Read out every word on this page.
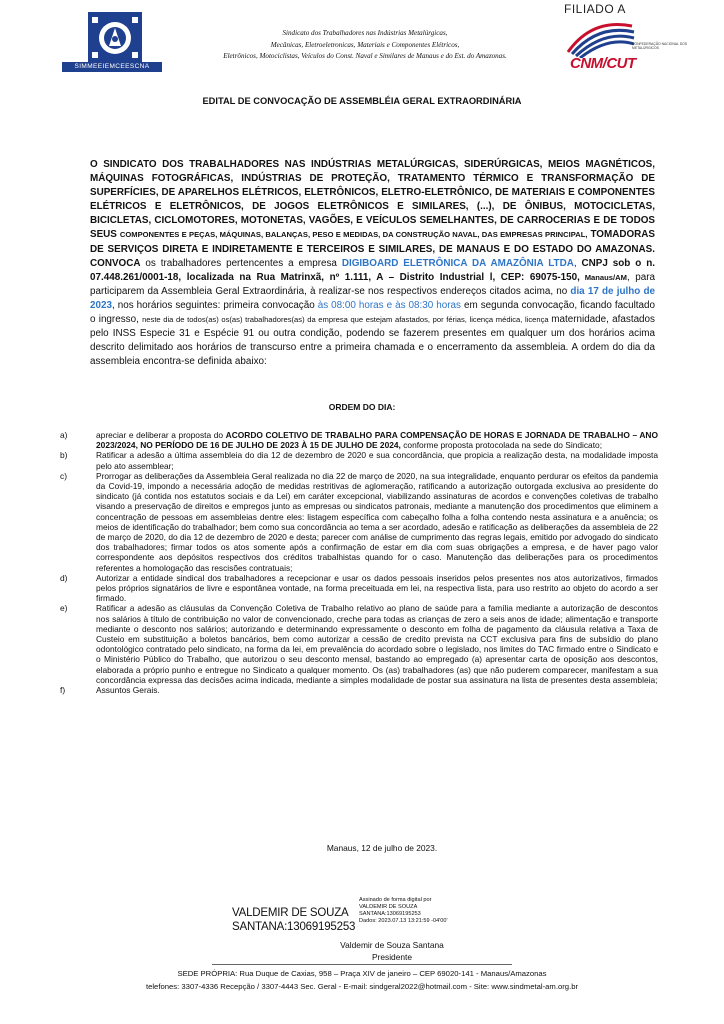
SIMMEEIEMCEESCNA
Sindicato dos Trabalhadores nas Indústrias Metalúrgicas,
Mecânicas, Eletroeletronicas, Materiais e Componentes Elétricos,
Eletrônicos, Motociclistas, Veículos do Const. Naval e Similares de Manaus e do Est. do Amazonas.
FILIADO A
CONFEDERAÇÃO NACIONAL DOS METALÚRGICOS
CNM/CUT
EDITAL DE CONVOCAÇÃO DE ASSEMBLÉIA GERAL EXTRAORDINÁRIA
O SINDICATO DOS TRABALHADORES NAS INDÚSTRIAS METALÚRGICAS, SIDERÚRGICAS, MEIOS MAGNÉTICOS, MÁQUINAS FOTOGRÁFICAS, INDÚSTRIAS DE PROTEÇÃO, TRATAMENTO TÉRMICO E TRANSFORMAÇÃO DE SUPERFÍCIES, DE APARELHOS ELÉTRICOS, ELETRÔNICOS, ELETRO-ELETRÔNICO, DE MATERIAIS E COMPONENTES ELÉTRICOS E ELETRÔNICOS, DE JOGOS ELETRÔNICOS E SIMILARES, (...), DE ÔNIBUS, MOTOCICLETAS, BICICLETAS, CICLOMOTORES, MOTONETAS, VAGÕES, E VEÍCULOS SEMELHANTES, DE CARROCERIAS E DE TODOS SEUS COMPONENTES E PEÇAS, MÁQUINAS, BALANÇAS, PESO E MEDIDAS, DA CONSTRUÇÃO NAVAL, DAS EMPRESAS PRINCIPAL, TOMADORAS DE SERVIÇOS DIRETA E INDIRETAMENTE E TERCEIROS E SIMILARES, DE MANAUS E DO ESTADO DO AMAZONAS. CONVOCA os trabalhadores pertencentes a empresa DIGIBOARD ELETRÔNICA DA AMAZÔNIA LTDA, CNPJ sob o n. 07.448.261/0001-18, localizada na Rua Matrinxã, nº 1.111, A – Distrito Industrial l, CEP: 69075-150, Manaus/AM, para participarem da Assembleia Geral Extraordinária, à realizar-se nos respectivos endereços citados acima, no dia 17 de julho de 2023, nos horários seguintes: primeira convocação às 08:00 horas e às 08:30 horas em segunda convocação, ficando facultado o ingresso, neste dia de todos(as) os(as) trabalhadores(as) da empresa que estejam afastados, por férias, licença médica, licença maternidade, afastados pelo INSS Especie 31 e Espécie 91 ou outra condição, podendo se fazerem presentes em qualquer um dos horários acima descrito delimitado aos horários de transcurso entre a primeira chamada e o encerramento da assembleia. A ordem do dia da assembleia encontra-se definida abaixo:
ORDEM DO DIA:
a)	apreciar e deliberar a proposta do ACORDO COLETIVO DE TRABALHO PARA COMPENSAÇÃO DE HORAS E JORNADA DE TRABALHO – ANO 2023/2024, NO PERÍODO DE 16 DE JULHO DE 2023 À 15 DE JULHO DE 2024, conforme proposta protocolada na sede do Sindicato;
b)	Ratificar a adesão a última assembleia do dia 12 de dezembro de 2020 e sua concordância, que propicia a realização desta, na modalidade imposta pelo ato assemblear;
c)	Prorrogar as deliberações da Assembleia Geral realizada no dia 22 de março de 2020, na sua integralidade, enquanto perdurar os efeitos da pandemia da Covid-19, impondo a necessária adoção de medidas restritivas de aglomeração, ratificando a autorização outorgada exclusiva ao presidente do sindicato (já contida nos estatutos sociais e da Lei) em caráter excepcional, viabilizando assinaturas de acordos e convenções coletivas de trabalho visando a preservação de direitos e empregos junto as empresas ou sindicatos patronais, mediante a manutenção dos procedimentos que eliminem a concentração de pessoas em assembleias dentre eles: listagem específica com cabeçalho folha a folha contendo nesta assinatura e a anuência; os meios de identificação do trabalhador; bem como sua concordância ao tema a ser acordado, adesão e ratificação as deliberações da assembleia de 22 de março de 2020, do dia 12 de dezembro de 2020 e desta; parecer com análise de cumprimento das regras legais, emitido por advogado do sindicato dos trabalhadores; firmar todos os atos somente após a confirmação de estar em dia com suas obrigações a empresa, e de haver pago valor correspondente aos depósitos respectivos dos créditos trabalhistas quando for o caso. Manutenção das deliberações para os procedimentos referentes a homologação das rescisões contratuais;
d)	Autorizar a entidade sindical dos trabalhadores a recepcionar e usar os dados pessoais inseridos pelos presentes nos atos autorizativos, firmados pelos próprios signatários de livre e espontânea vontade, na forma preceituada em lei, na respectiva lista, para uso restrito ao objeto do acordo a ser firmado.
e)	Ratificar a adesão as cláusulas da Convenção Coletiva de Trabalho relativo ao plano de saúde para a família mediante a autorização de descontos nos salários à título de contribuição no valor de convencionado, creche para todas as crianças de zero a seis anos de idade; alimentação e transporte mediante o desconto nos salários; autorizando e determinando expressamente o desconto em folha de pagamento da cláusula relativa a Taxa de Custeio em substituição a boletos bancários, bem como autorizar a cessão de credito prevista na CCT exclusiva para fins de subsídio do plano odontológico contratado pelo sindicato, na forma da lei, em prevalência do acordado sobre o legislado, nos limites do TAC firmado entre o Sindicato e o Ministério Público do Trabalho, que autorizou o seu desconto mensal, bastando ao empregado (a) apresentar carta de oposição aos descontos, elaborada a próprio punho e entregue no Sindicato a qualquer momento. Os (as) trabalhadores (as) que não puderem comparecer, manifestam a sua concordância expressa das decisões acima indicada, mediante a simples modalidade de postar sua assinatura na lista de presentes desta assembleia;
f)	Assuntos Gerais.
Manaus, 12 de julho de 2023.
VALDEMIR DE SOUZA
SANTANA:13069195253
Assinado de forma digital por
VALDEMIR DE SOUZA
SANTANA:13069195253
Dados: 2023.07.13 13:21:59 -04'00'
Valdemir de Souza Santana
Presidente
SEDE PRÓPRIA: Rua Duque de Caxias, 958 – Praça XIV de janeiro – CEP 69020-141 - Manaus/Amazonas
telefones: 3307-4336 Recepção / 3307-4443 Sec. Geral - E-mail: sindgeral2022@hotmail.com - Site: www.sindmetal-am.org.br
